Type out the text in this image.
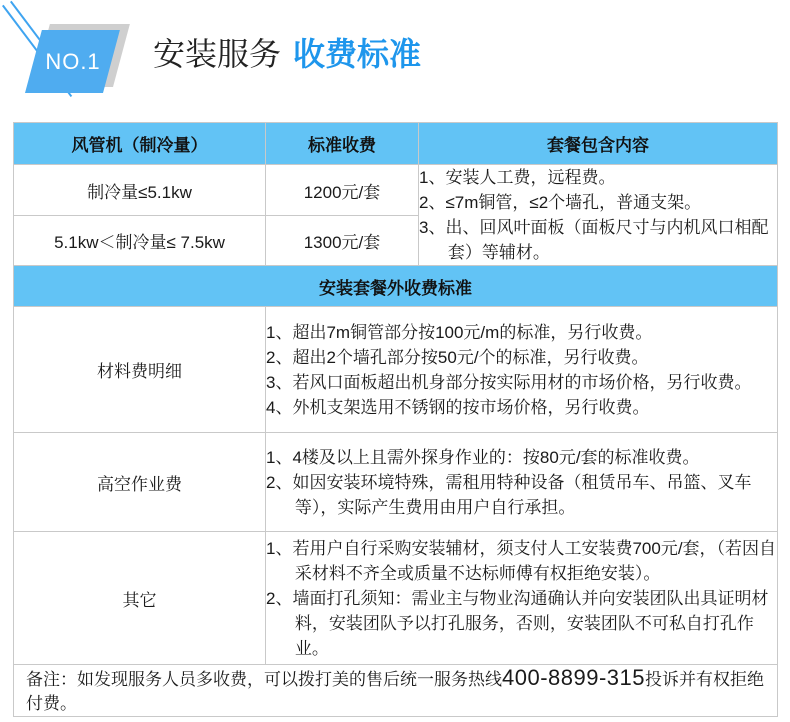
NO.1	安装服务 收费标准
风管机（制冷量）	标准收费	套餐包含内容
制冷量≤5.1kw	1200元/套	1、安装人工费，远程费。
2、≤7m铜管，≤2个墙孔，普通支架。
3、出、回风叶面板（面板尺寸与内机风口相配套）等辅材。

5.1kw＜制冷量≤ 7.5kw	1300元/套	
安装套餐外收费标准		
材料费明细	1、超出7m铜管部分按100元/m的标准，另行收费。
2、超出2个墙孔部分按50元/个的标准，另行收费。
3、若风口面板超出机身部分按实际用材的市场价格，另行收费。
4、外机支架选用不锈钢的按市场价格，另行收费。	

高空作业费	1、4楼及以上且需外探身作业的：按80元/套的标准收费。
2、如因安装环境特殊，需租用特种设备（租赁吊车、吊篮、叉车等），实际产生费用由用户自行承担。	

其它	1、若用户自行采购安装辅材，须支付人工安装费700元/套，（若因自采材料不齐全或质量不达标师傅有权拒绝安装）。
2、墙面打孔须知：需业主与物业沟通确认并向安装团队出具证明材料，安装团队予以打孔服务，否则，安装团队不可私自打孔作业。	

备注：如发现服务人员多收费，可以拨打美的售后统一服务热线400-8899-315投诉并有权拒绝付费。		
